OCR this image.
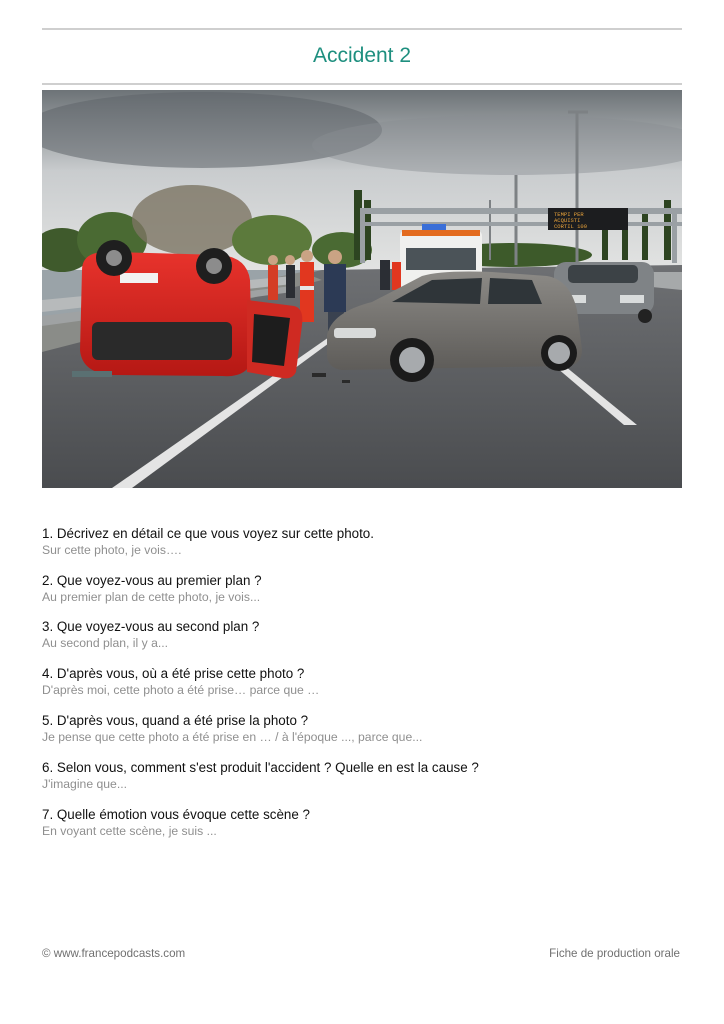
Accident 2
TEMPI PER
ACQUISTI
CORTIL 100
1. Décrivez en détail ce que vous voyez sur cette photo.
Sur cette photo, je vois….
2. Que voyez-vous au premier plan ?
Au premier plan de cette photo, je vois...
3. Que voyez-vous au second plan ?
Au second plan, il y a...
4. D'après vous, où a été prise cette photo ?
D'après moi, cette photo a été prise… parce que …
5. D'après vous, quand a été prise la photo ?
Je pense que cette photo a été prise en … / à l'époque ..., parce que...
6. Selon vous, comment s'est produit l'accident ? Quelle en est la cause ?
J'imagine que...
7. Quelle émotion vous évoque cette scène ?
En voyant cette scène, je suis ...
© www.francepodcasts.com	Fiche de production orale
